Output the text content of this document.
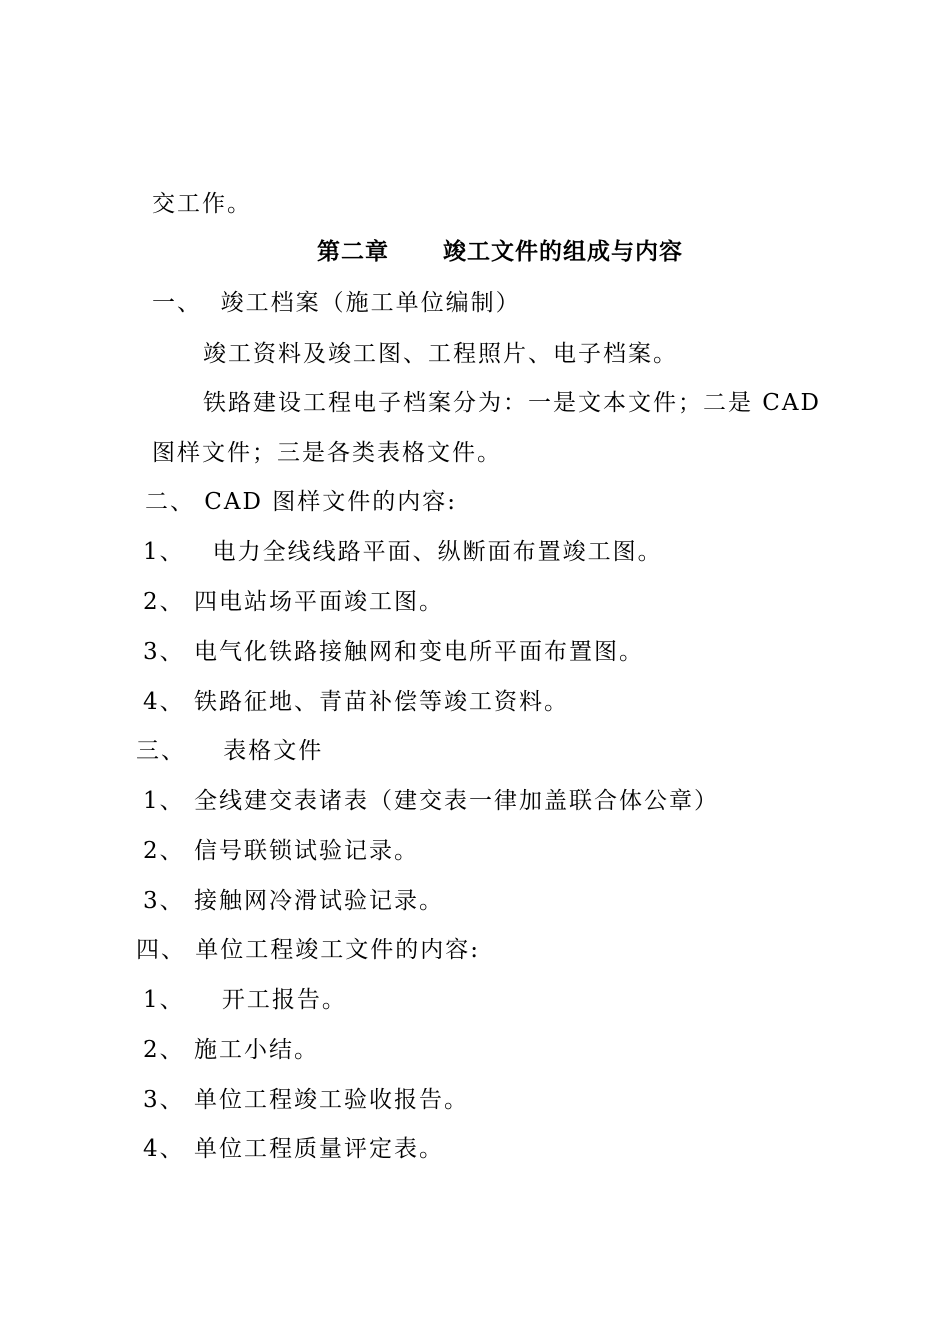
交工作。
第二章      竣工文件的组成与内容
一、  竣工档案（施工单位编制）
竣工资料及竣工图、工程照片、电子档案。
铁路建设工程电子档案分为：一是文本文件；二是 CAD
图样文件；三是各类表格文件。
二、 CAD 图样文件的内容:
1、   电力全线线路平面、纵断面布置竣工图。
2、 四电站场平面竣工图。
3、 电气化铁路接触网和变电所平面布置图。
4、 铁路征地、青苗补偿等竣工资料。
三、    表格文件
1、 全线建交表诸表（建交表一律加盖联合体公章）
2、 信号联锁试验记录。
3、 接触网冷滑试验记录。
四、 单位工程竣工文件的内容:
1、    开工报告。
2、 施工小结。
3、 单位工程竣工验收报告。
4、 单位工程质量评定表。
